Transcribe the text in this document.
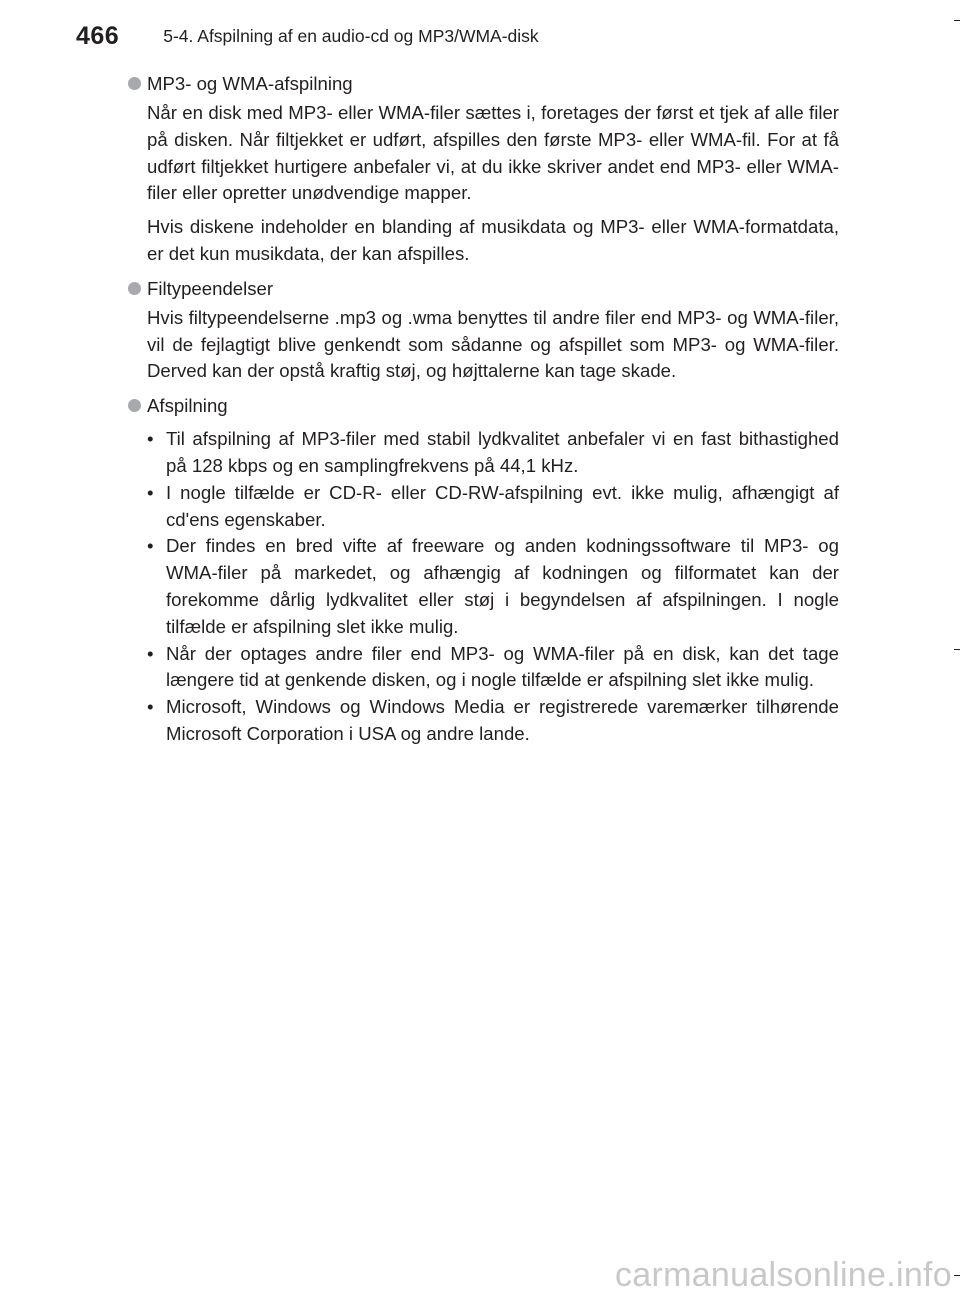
466	5-4. Afspilning af en audio-cd og MP3/WMA-disk
MP3- og WMA-afspilning

Når en disk med MP3- eller WMA-filer sættes i, foretages der først et tjek af alle filer på disken. Når filtjekket er udført, afspilles den første MP3- eller WMA-fil. For at få udført filtjekket hurtigere anbefaler vi, at du ikke skriver andet end MP3- eller WMA-filer eller opretter unødvendige mapper.

Hvis diskene indeholder en blanding af musikdata og MP3- eller WMA-formatdata, er det kun musikdata, der kan afspilles.

Filtypeendelser

Hvis filtypeendelserne .mp3 og .wma benyttes til andre filer end MP3- og WMA-filer, vil de fejlagtigt blive genkendt som sådanne og afspillet som MP3- og WMA-filer. Derved kan der opstå kraftig støj, og højttalerne kan tage skade.

Afspilning
• Til afspilning af MP3-filer med stabil lydkvalitet anbefaler vi en fast bithastighed på 128 kbps og en samplingfrekvens på 44,1 kHz.
• I nogle tilfælde er CD-R- eller CD-RW-afspilning evt. ikke mulig, afhængigt af cd'ens egenskaber.
• Der findes en bred vifte af freeware og anden kodningssoftware til MP3- og WMA-filer på markedet, og afhængig af kodningen og filformatet kan der forekomme dårlig lydkvalitet eller støj i begyndelsen af afspilningen. I nogle tilfælde er afspilning slet ikke mulig.
• Når der optages andre filer end MP3- og WMA-filer på en disk, kan det tage længere tid at genkende disken, og i nogle tilfælde er afspilning slet ikke mulig.
• Microsoft, Windows og Windows Media er registrerede varemærker tilhørende Microsoft Corporation i USA og andre lande.
carmanualsonline.info
